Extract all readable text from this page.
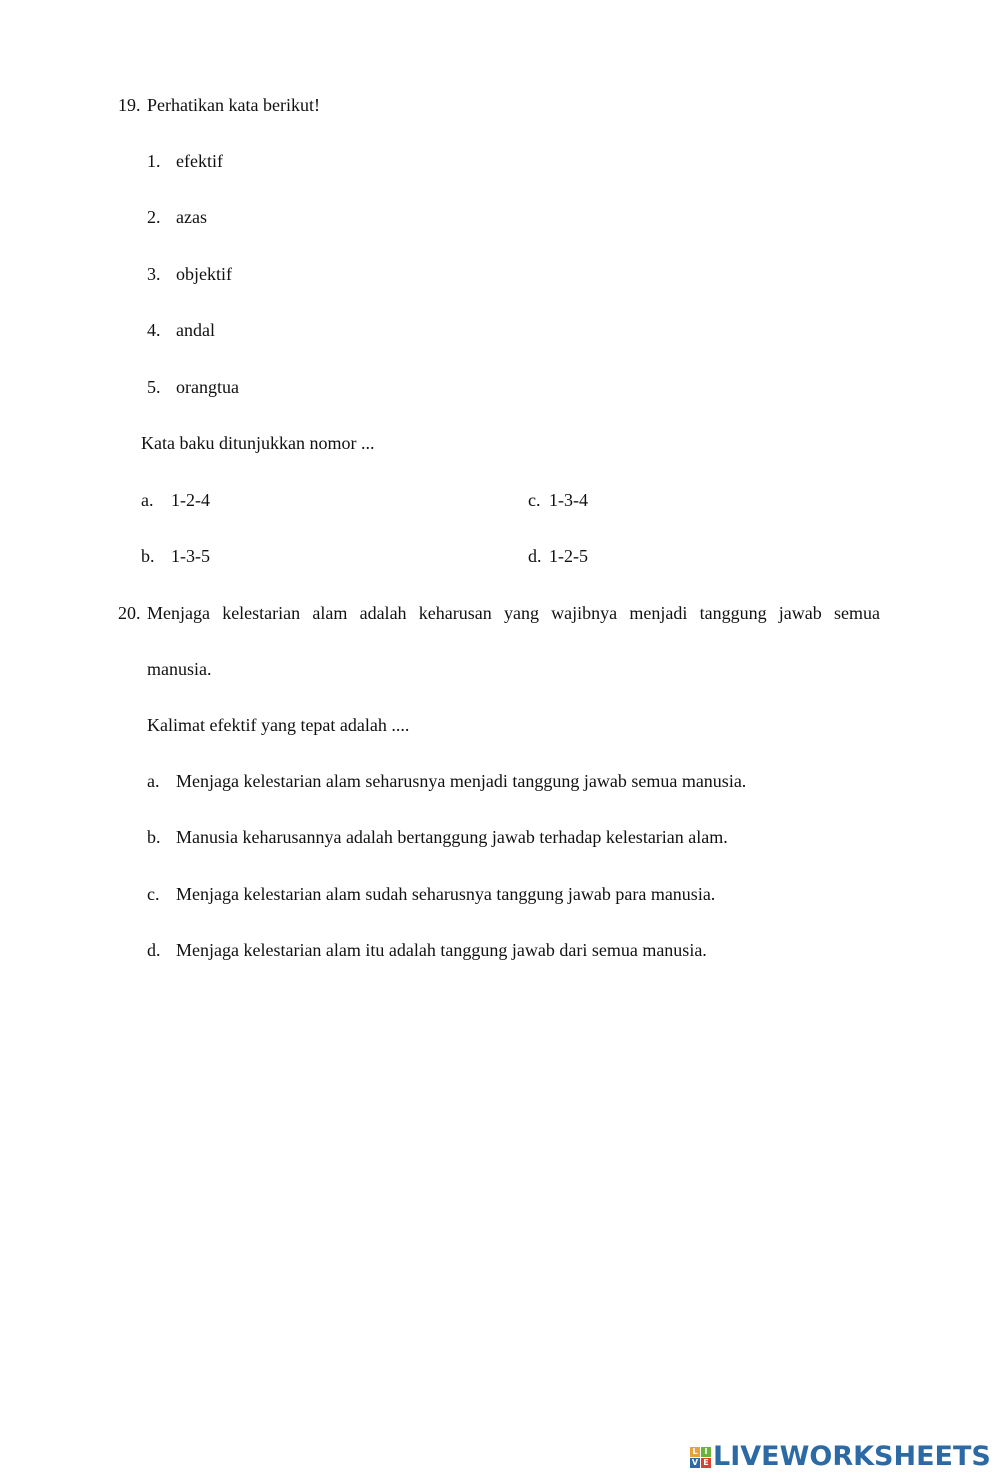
19. Perhatikan kata berikut!
1. efektif
2. azas
3. objektif
4. andal
5. orangtua
Kata baku ditunjukkan nomor ...
a. 1-2-4	c. 1-3-4
b. 1-3-5	d. 1-2-5
20. Menjaga kelestarian alam adalah keharusan yang wajibnya menjadi tanggung jawab semua
manusia.
Kalimat efektif yang tepat adalah ....
a. Menjaga kelestarian alam seharusnya menjadi tanggung jawab semua manusia.
b. Manusia keharusannya adalah bertanggung jawab terhadap kelestarian alam.
c. Menjaga kelestarian alam sudah seharusnya tanggung jawab para manusia.
d. Menjaga kelestarian alam itu adalah tanggung jawab dari semua manusia.
L I
V E LIVEWORKSHEETS
